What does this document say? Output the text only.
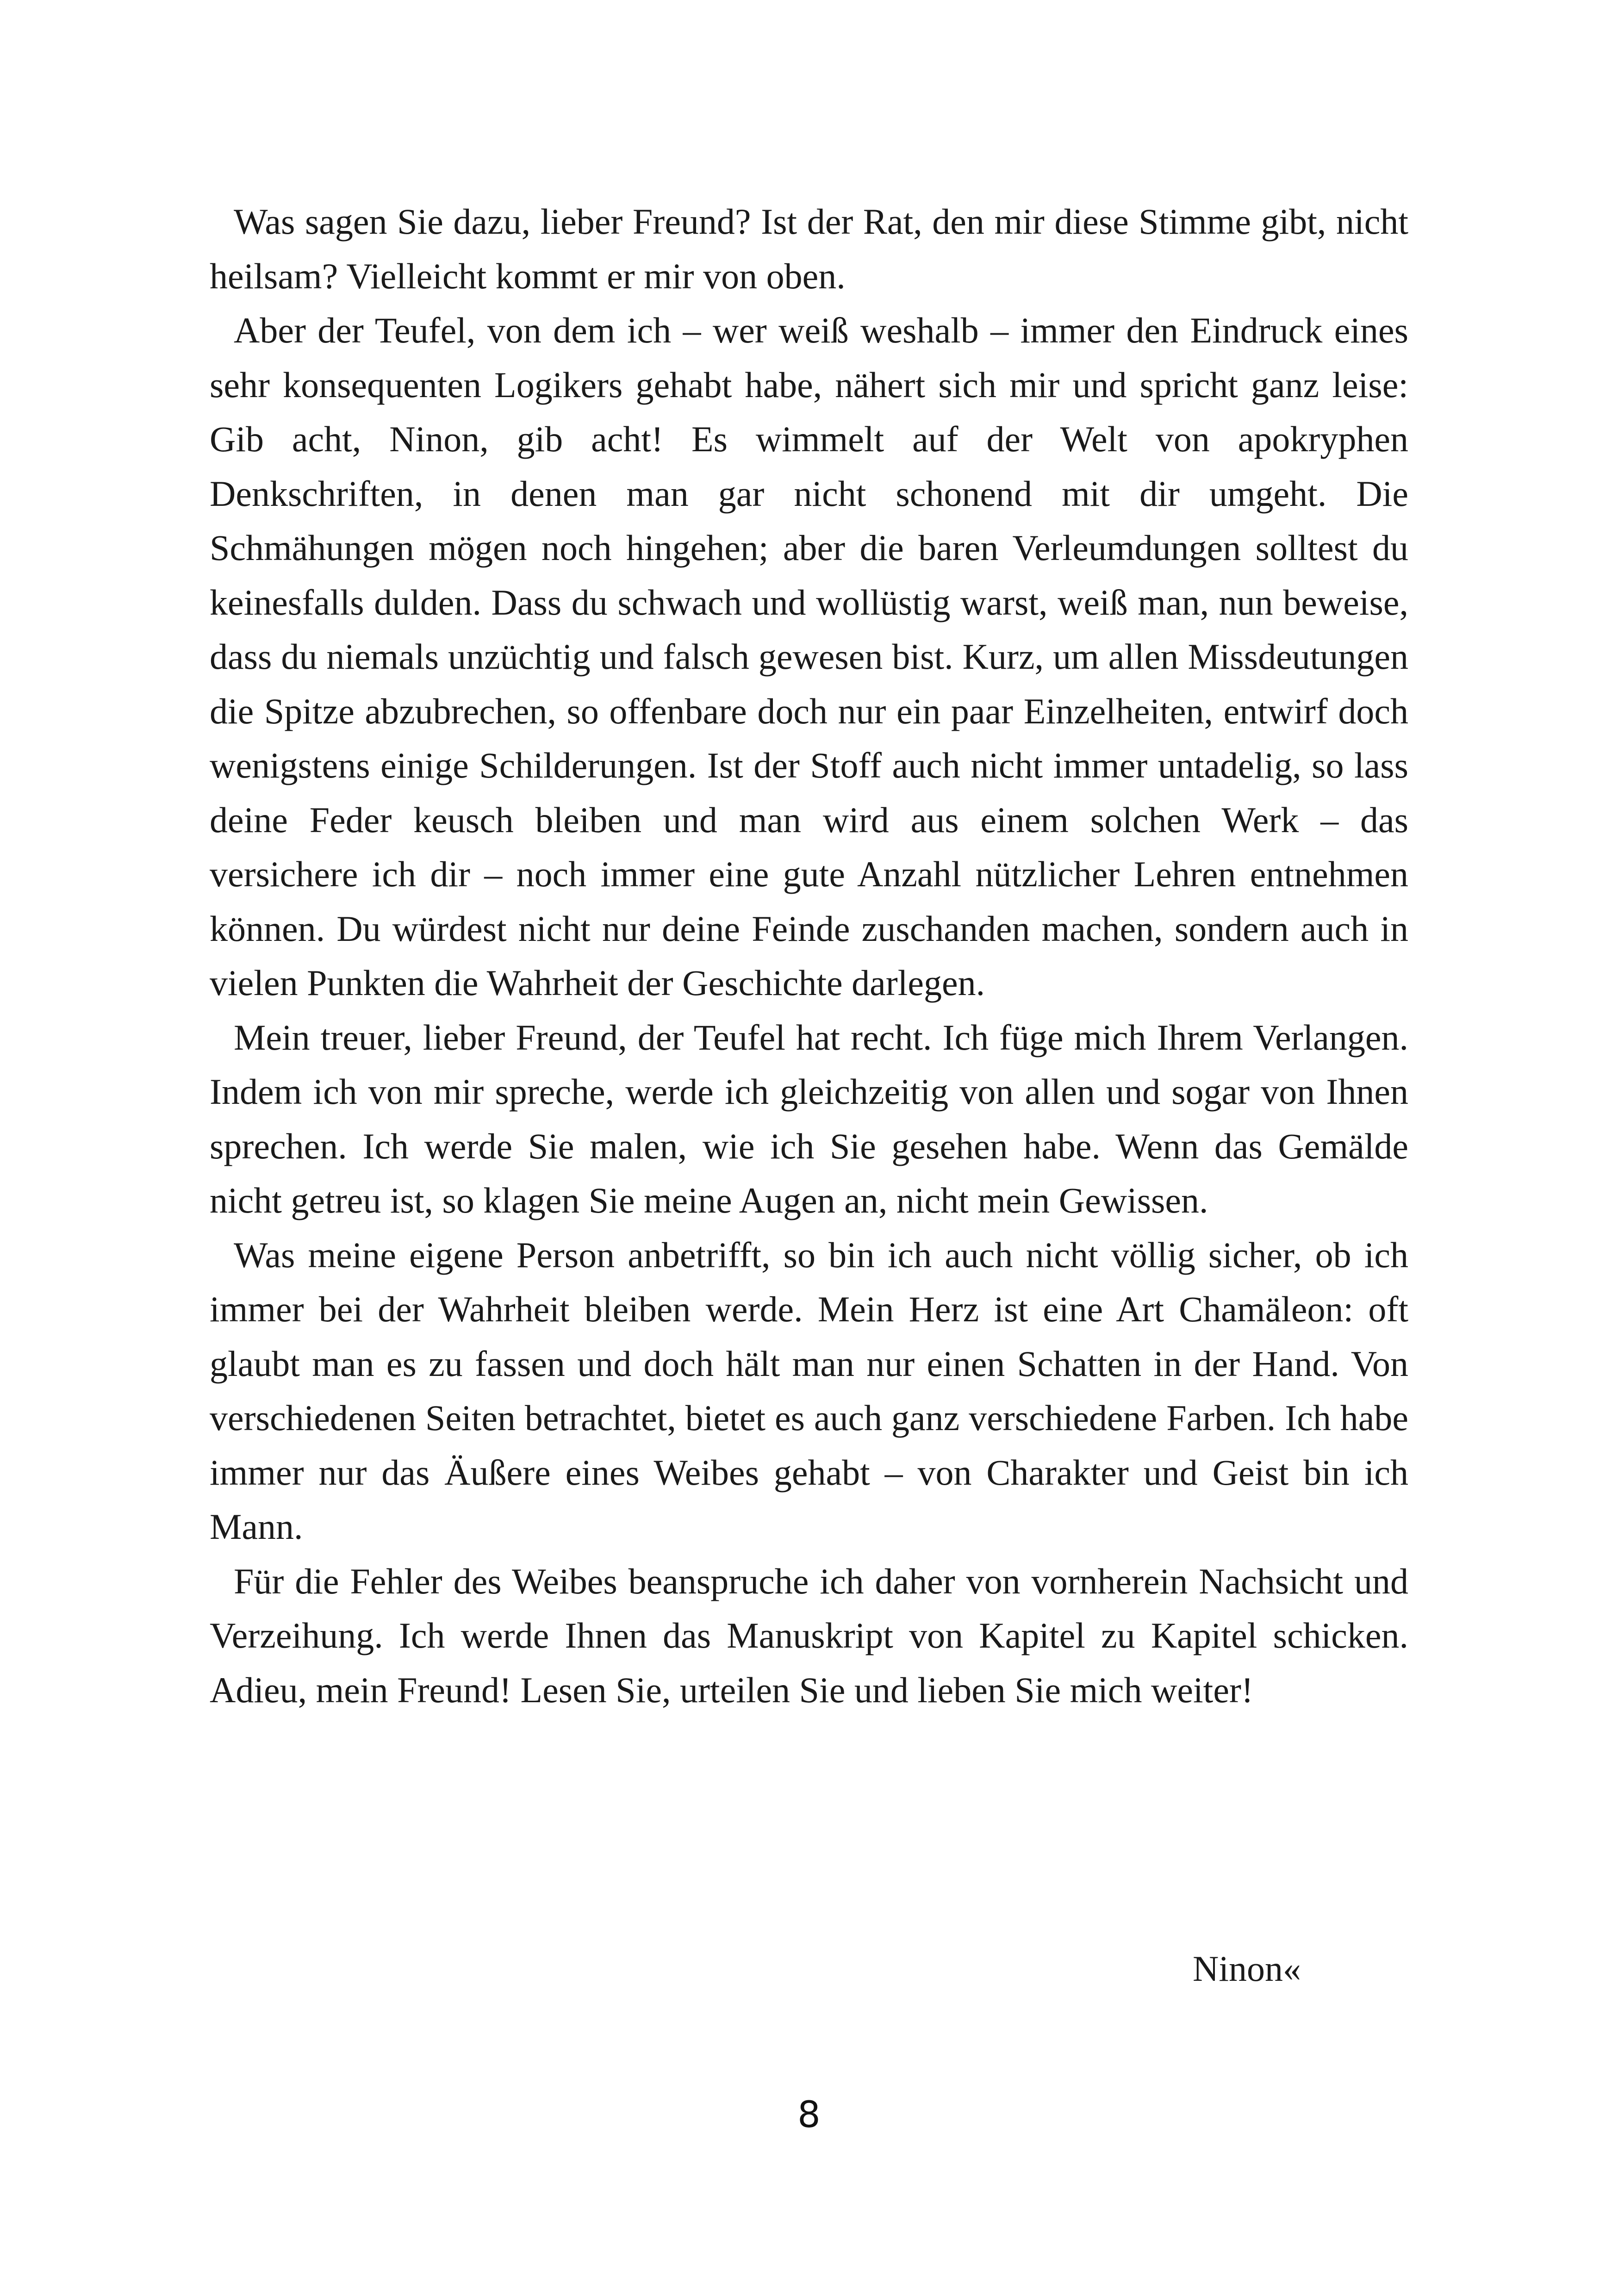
Was sagen Sie dazu, lieber Freund? Ist der Rat, den mir diese Stimme gibt, nicht heilsam? Vielleicht kommt er mir von oben.

Aber der Teufel, von dem ich – wer weiß weshalb – immer den Eindruck eines sehr konsequenten Logikers gehabt habe, nähert sich mir und spricht ganz leise: Gib acht, Ninon, gib acht! Es wimmelt auf der Welt von apokryphen Denkschriften, in denen man gar nicht schonend mit dir umgeht. Die Schmähungen mögen noch hingehen; aber die baren Verleumdungen solltest du keinesfalls dulden. Dass du schwach und wollüstig warst, weiß man, nun beweise, dass du niemals unzüchtig und falsch gewesen bist. Kurz, um allen Missdeutungen die Spitze abzubrechen, so offenbare doch nur ein paar Einzelheiten, entwirf doch wenigstens einige Schilderungen. Ist der Stoff auch nicht immer untadelig, so lass deine Feder keusch bleiben und man wird aus einem solchen Werk – das versichere ich dir – noch immer eine gute Anzahl nützlicher Lehren entnehmen können. Du würdest nicht nur deine Feinde zuschanden machen, sondern auch in vielen Punkten die Wahrheit der Geschichte darlegen.

Mein treuer, lieber Freund, der Teufel hat recht. Ich füge mich Ihrem Verlangen. Indem ich von mir spreche, werde ich gleichzeitig von allen und sogar von Ihnen sprechen. Ich werde Sie malen, wie ich Sie gesehen habe. Wenn das Gemälde nicht getreu ist, so klagen Sie meine Augen an, nicht mein Gewissen.

Was meine eigene Person anbetrifft, so bin ich auch nicht völlig sicher, ob ich immer bei der Wahrheit bleiben werde. Mein Herz ist eine Art Chamäleon: oft glaubt man es zu fassen und doch hält man nur einen Schatten in der Hand. Von verschiedenen Seiten betrachtet, bietet es auch ganz verschiedene Farben. Ich habe immer nur das Äußere eines Weibes gehabt – von Charakter und Geist bin ich Mann.

Für die Fehler des Weibes beanspruche ich daher von vornherein Nachsicht und Verzeihung. Ich werde Ihnen das Manuskript von Kapitel zu Kapitel schicken. Adieu, mein Freund! Lesen Sie, urteilen Sie und lieben Sie mich weiter!

Ninon«
8
